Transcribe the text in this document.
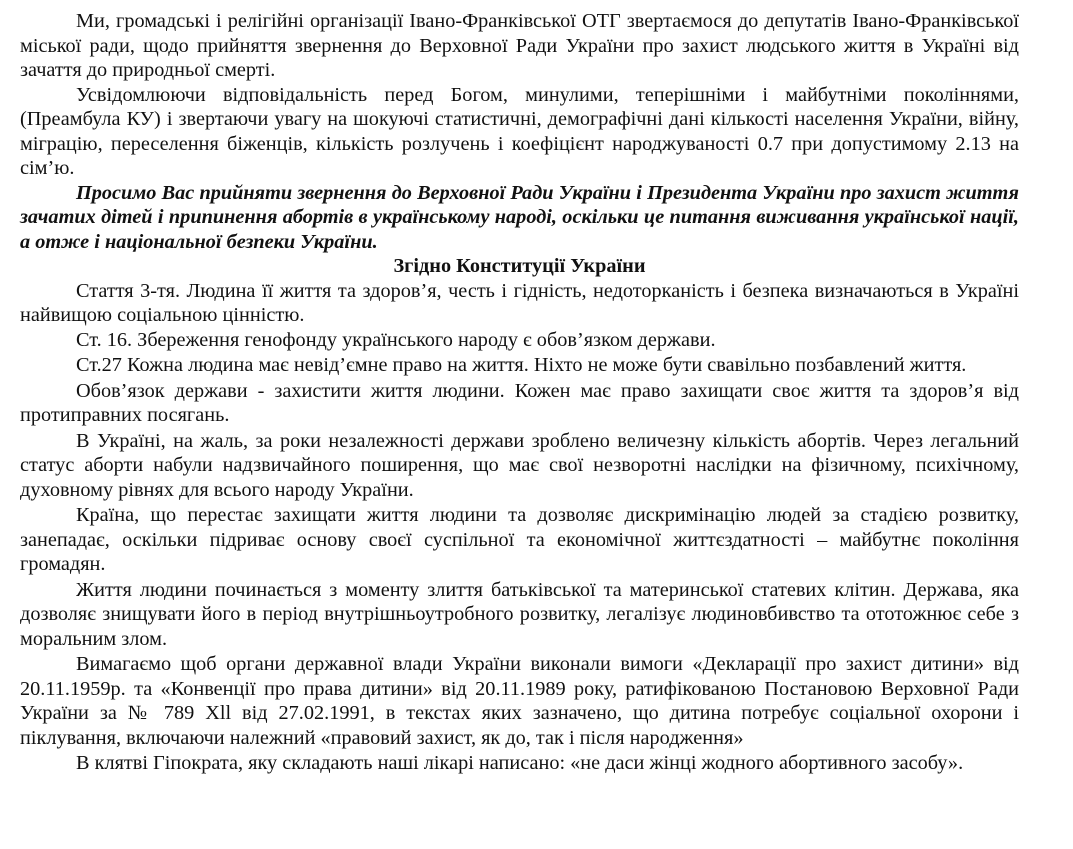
Ми, громадські і релігійні організації Івано-Франківської ОТГ звертаємося до депутатів Івано-Франківської міської ради, щодо прийняття звернення до Верховної Ради України про захист людського життя в Україні від зачаття до природньої смерті.

Усвідомлюючи відповідальність перед Богом, минулими, теперішніми і майбутніми поколіннями, (Преамбула КУ) і звертаючи увагу на шокуючі статистичні, демографічні дані кількості населення України, війну, міграцію, переселення біженців, кількість розлучень і коефіцієнт народжуваності 0.7 при допустимому 2.13 на сім’ю.

Просимо Вас прийняти звернення до Верховної Ради України і Президента України про захист життя зачатих дітей і припинення абортів в українському народі, оскільки це питання виживання української нації, а отже і національної безпеки України.

Згідно Конституції України

Стаття 3-тя. Людина її життя та здоров’я, честь і гідність, недоторканість і безпека визначаються в Україні найвищою соціальною цінністю.

Ст. 16. Збереження генофонду українського народу є обов’язком держави.

Ст.27 Кожна людина має невід’ємне право на життя. Ніхто не може бути свавільно позбавлений життя.

Обов’язок держави - захистити життя людини. Кожен має право захищати своє життя та здоров’я від протиправних посягань.

В Україні, на жаль, за роки незалежності держави зроблено величезну кількість абортів. Через легальний статус аборти набули надзвичайного поширення, що має свої незворотні наслідки на фізичному, психічному, духовному рівнях для всього народу України.

Країна, що перестає захищати життя людини та дозволяє дискримінацію людей за стадією розвитку, занепадає, оскільки підриває основу своєї суспільної та економічної життєздатності – майбутнє покоління громадян.

Життя людини починається з моменту злиття батьківської та материнської статевих клітин. Держава, яка дозволяє знищувати його в період внутрішньоутробного розвитку, легалізує людиновбивство та ототожнює себе з моральним злом.

Вимагаємо щоб органи державної влади України виконали вимоги «Декларації про захист дитини» від 20.11.1959р. та «Конвенції про права дитини» від 20.11.1989 року, ратифікованою Постановою Верховної Ради України за № 789 Xll від 27.02.1991, в текстах яких зазначено, що дитина потребує соціальної охорони і піклування, включаючи належний «правовий захист, як до, так і після народження»

В клятві Гіпократа, яку складають наші лікарі написано: «не даси жінці жодного абортивного засобу».
